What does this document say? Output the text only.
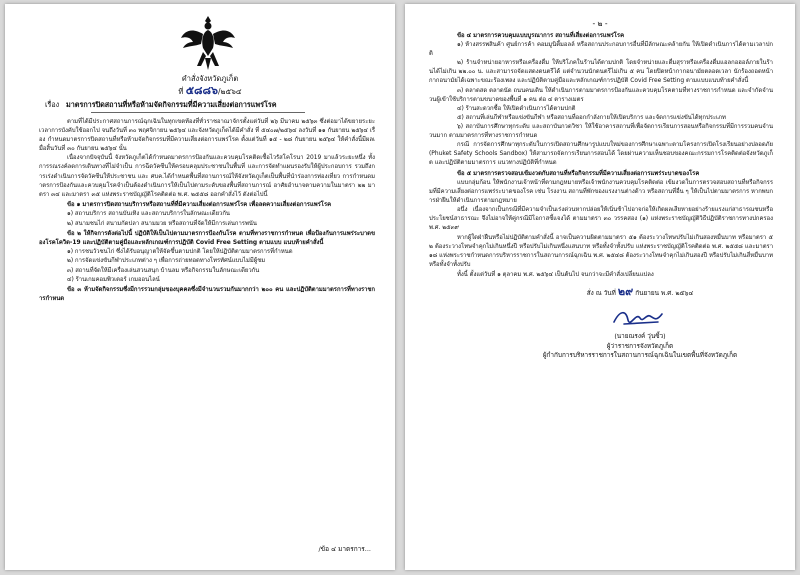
คำสั่งจังหวัดภูเก็ต
ที่ ๕๘๘๖/๒๕๖๔
เรื่อง มาตรการปิดสถานที่หรือห้ามจัดกิจกรรมที่มีความเสี่ยงต่อการแพร่โรค

ตามที่ได้มีประกาศสถานการณ์ฉุกเฉินในทุกเขตท้องที่ทั่วราชอาณาจักรตั้งแต่วันที่ ๒๖ มีนาคม ๒๕๖๓ ซึ่งต่อมาได้ขยายระยะเวลาการบังคับใช้ออกไป จนถึงวันที่ ๓๐ พฤศจิกายน ๒๕๖๔ และจังหวัดภูเก็ตได้มีคำสั่ง ที่ ๕๔๐๗/๒๕๖๔ ลงวันที่ ๑๑ กันยายน ๒๕๖๔ เรื่อง กำหนดมาตรการปิดสถานที่หรือห้ามจัดกิจกรรมที่มีความเสี่ยงต่อการแพร่โรค ตั้งแต่วันที่ ๑๕ - ๒๘ กันยายน ๒๕๖๔ ให้คำสั่งนี้มีผลเมื่อสิ้นวันที่ ๓๐ กันยายน ๒๕๖๔ นั้น

เนื่องจากปัจจุบันนี้ จังหวัดภูเก็ตได้กำหนดมาตรการป้องกันและควบคุมโรคติดเชื้อไวรัสโคโรนา 2019 มาแล้วระยะหนึ่ง ทั้งการรณรงค์ลดการเดินทางที่ไม่จำเป็น การฉีดวัคซีนให้ครอบคลุมประชาชนในพื้นที่ และการจัดทำแผนรองรับให้ผู้ประกอบการ รวมถึงการเร่งดำเนินการจัดวัคซีนให้ประชาชน และ ศบค.ได้กำหนดพื้นที่สถานการณ์ให้จังหวัดภูเก็ตเป็นพื้นที่นำร่องการท่องเที่ยว การกำหนดมาตรการป้องกันและควบคุมโรคจำเป็นต้องดำเนินการให้เป็นไปตามระดับของพื้นที่สถานการณ์ อาศัยอำนาจตามความในมาตรา ๒๒ มาตรา ๓๔ และมาตรา ๓๕ แห่งพระราชบัญญัติโรคติดต่อ พ.ศ. ๒๕๕๘ ออกคำสั่งไว้ ดังต่อไปนี้

ข้อ ๑ มาตรการปิดสถานบริการหรือสถานที่ที่มีความเสี่ยงต่อการแพร่โรค เพื่อลดความเสี่ยงต่อการแพร่โรค

๑) สถานบริการ สถานบันเทิง และสถานบริการในลักษณะเดียวกัน

๒) สนามชนไก่ สนามกัดปลา สนามมวย หรือสถานที่จัดให้มีการเล่นการพนัน

ข้อ ๒ ให้กิจการดังต่อไปนี้ ปฏิบัติให้เป็นไปตามมาตรการป้องกันโรค ตามที่ทางราชการกำหนด เพื่อป้องกันการแพร่ระบาดของโรคโควิด-19 และปฏิบัติตามคู่มือและหลักเกณฑ์การปฏิบัติ Covid Free Setting ตามแบบ แนบท้ายคำสั่งนี้

๑) การชนวัวชนไก่ ซึ่งได้รับอนุญาตให้จัดขึ้นตามปกติ โดยให้ปฏิบัติตามมาตรการที่กำหนด

๒) การจัดแข่งขันกีฬาประเภทต่าง ๆ เพื่อการถ่ายทอดทางโทรทัศน์แบบไม่มีผู้ชม

๓) สถานที่จัดให้มีเครื่องเล่นสวนสนุก บ้านลม หรือกิจกรรมในลักษณะเดียวกัน

๔) ร้านเกมคอมพิวเตอร์ เกมออนไลน์

ข้อ ๓ ห้ามจัดกิจกรรมซึ่งมีการรวมกลุ่มของบุคคลซึ่งมีจำนวนรวมกันมากกว่า ๒๐๐ คน และปฏิบัติตามมาตรการที่ทางราชการกำหนด

/ข้อ ๔ มาตรการ...
- ๒ -

ข้อ ๔ มาตรการควบคุมแบบบูรณาการ สถานที่เสี่ยงต่อการแพร่โรค

๑) ห้างสรรพสินค้า ศูนย์การค้า คอมมูนิตี้มอลล์ หรือสถานประกอบการอื่นที่มีลักษณะคล้ายกัน ให้เปิดดำเนินการได้ตามเวลาปกติ

๒) ร้านจำหน่ายอาหารหรือเครื่องดื่ม ให้บริโภคในร้านได้ตามปกติ โดยจำหน่ายและดื่มสุราหรือเครื่องดื่มแอลกอฮอล์ภายในร้านได้ไม่เกิน ๒๒.๐๐ น. และสามารถจัดแสดงดนตรีได้ แต่จำนวนนักดนตรีไม่เกิน ๕ คน โดยปิดหน้ากากอนามัยตลอดเวลา นักร้องถอดหน้ากากอนามัยได้เฉพาะขณะร้องเพลง และปฏิบัติตามคู่มือและหลักเกณฑ์การปฏิบัติ Covid Free Setting ตามแบบแนบท้ายคำสั่งนี้

๓) ตลาดสด ตลาดนัด ถนนคนเดิน ให้ดำเนินการตามมาตรการป้องกันและควบคุมโรคตามที่ทางราชการกำหนด และจำกัดจำนวนผู้เข้าใช้บริการตามขนาดของพื้นที่ ๑ คน ต่อ ๔ ตารางเมตร

๔) ร้านสะดวกซื้อ ให้เปิดดำเนินการได้ตามปกติ

๕) สถานที่เล่นกีฬาหรือแข่งขันกีฬา หรือสถานที่ออกกำลังกายให้เปิดบริการ และจัดการแข่งขันได้ทุกประเภท

๖) สถาบันการศึกษาทุกระดับ และสถาบันกวดวิชา ให้ใช้อาคารสถานที่เพื่อจัดการเรียนการสอนหรือกิจกรรมที่มีการรวมคนจำนวนมาก ตามมาตรการที่ทางราชการกำหนด

กรณี การจัดการศึกษาทุกระดับในการเปิดสถานศึกษารูปแบบใหม่ของการศึกษาเฉพาะตามโครงการเปิดโรงเรียนอย่างปลอดภัย (Phuket Safety Schools Sandbox) ให้สามารถจัดการเรียนการสอนได้ โดยผ่านความเห็นชอบของคณะกรรมการโรคติดต่อจังหวัดภูเก็ต และปฏิบัติตามมาตรการ แนวทางปฏิบัติที่กำหนด

ข้อ ๕ มาตรการตรวจสอบเข้มงวดกับสถานที่หรือกิจกรรมที่มีความเสี่ยงต่อการแพร่ระบาดของโรค

แบบกลุ่มก้อน ให้พนักงานเจ้าหน้าที่ตามกฎหมายหรือเจ้าพนักงานควบคุมโรคติดต่อ เข้มงวดในการตรวจสอบสถานที่หรือกิจกรรมที่มีความเสี่ยงต่อการแพร่ระบาดของโรค เช่น โรงงาน สถานที่พักของแรงงานต่างด้าว หรือสถานที่อื่น ๆ ให้เป็นไปตามมาตรการ หากพบการฝ่าฝืนให้ดำเนินการตามกฎหมาย

อนึ่ง เนื่องจากเป็นกรณีที่มีความจำเป็นเร่งด่วนหากปล่อยให้เนิ่นช้าไปอาจก่อให้เกิดผลเสียหายอย่างร้ายแรงแก่สาธารณชนหรือประโยชน์สาธารณะ จึงไม่อาจให้คู่กรณีมีโอกาสชี้แจงได้ ตามมาตรา ๓๐ วรรคสอง (๑) แห่งพระราชบัญญัติวิธีปฏิบัติราชการทางปกครอง พ.ศ. ๒๕๓๙

หากผู้ใดฝ่าฝืนหรือไม่ปฏิบัติตามคำสั่งนี้ อาจเป็นความผิดตามมาตรา ๕๑ ต้องระวางโทษปรับไม่เกินสองหมื่นบาท หรือมาตรา ๕๒ ต้องระวางโทษจำคุกไม่เกินหนึ่งปี หรือปรับไม่เกินหนึ่งแสนบาท หรือทั้งจำทั้งปรับ แห่งพระราชบัญญัติโรคติดต่อ พ.ศ. ๒๕๕๘ และมาตรา ๑๘ แห่งพระราชกำหนดการบริหารราชการในสถานการณ์ฉุกเฉิน พ.ศ. ๒๕๔๘ ต้องระวางโทษจำคุกไม่เกินสองปี หรือปรับไม่เกินสี่หมื่นบาท หรือทั้งจำทั้งปรับ

ทั้งนี้ ตั้งแต่วันที่ ๑ ตุลาคม พ.ศ. ๒๕๖๔ เป็นต้นไป จนกว่าจะมีคำสั่งเปลี่ยนแปลง

สั่ง ณ วันที่ ๒๙ กันยายน พ.ศ. ๒๕๖๔

(นายณรงค์ วุ่นซิ้ว)

ผู้ว่าราชการจังหวัดภูเก็ต

ผู้กำกับการบริหารราชการในสถานการณ์ฉุกเฉินในเขตพื้นที่จังหวัดภูเก็ต
